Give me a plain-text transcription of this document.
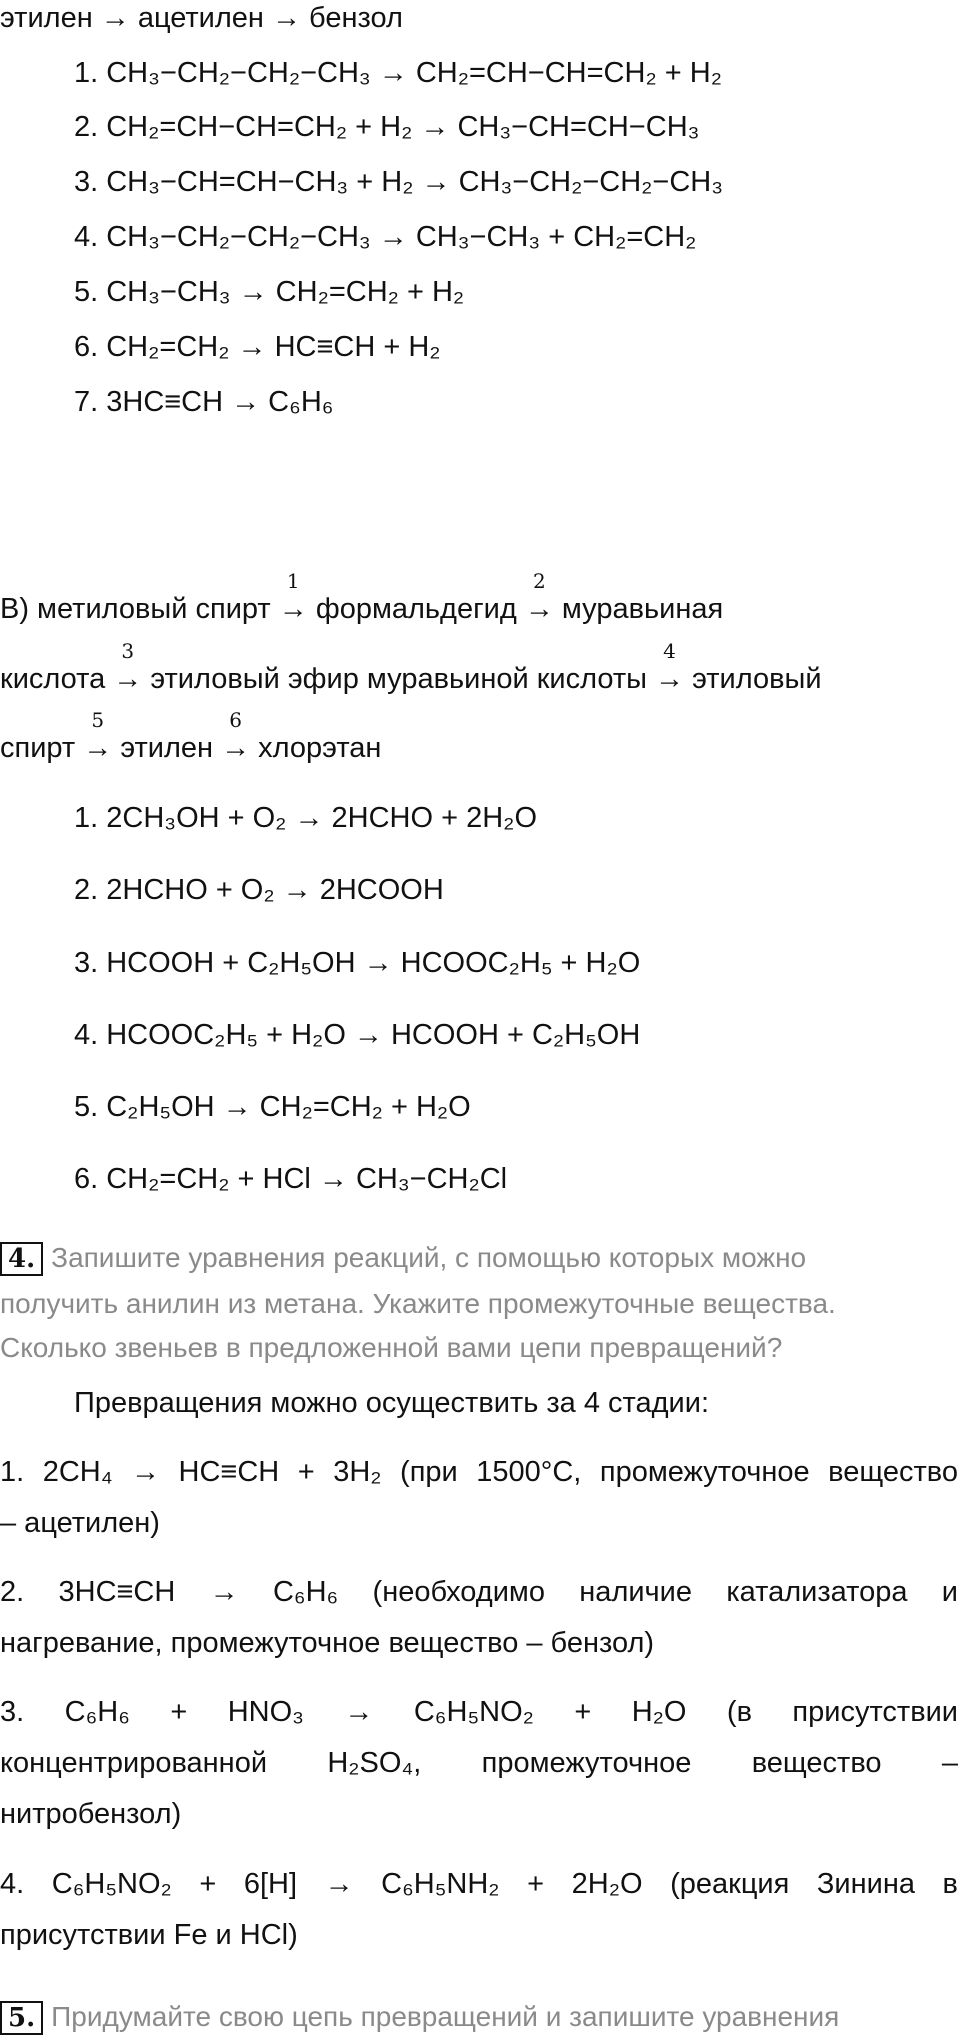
этилен → ацетилен → бензол
1. CH₃−CH₂−CH₂−CH₃ → CH₂=CH−CH=CH₂ + H₂
2. CH₂=CH−CH=CH₂ + H₂ → CH₃−CH=CH−CH₃
3. CH₃−CH=CH−CH₃ + H₂ → CH₃−CH₂−CH₂−CH₃
4. CH₃−CH₂−CH₂−CH₃ → CH₃−CH₃ + CH₂=CH₂
5. CH₃−CH₃ → CH₂=CH₂ + H₂
6. CH₂=CH₂ → HC≡CH + H₂
7. 3HC≡CH → C₆H₆
В) метиловый спирт
1
→ формальдегид
2
→ муравьиная
кислота
3
→ этиловый эфир муравьиной кислоты
4
→ этиловый
спирт
5
→ этилен
6
→ хлорэтан
1. 2CH₃OH + O₂ → 2HCHO + 2H₂O
2. 2HCHO + O₂ → 2HCOOH
3. HCOOH + C₂H₅OH → HCOOC₂H₅ + H₂O
4. HCOOC₂H₅ + H₂O → HCOOH + C₂H₅OH
5. C₂H₅OH → CH₂=CH₂ + H₂O
6. CH₂=CH₂ + HCl → CH₃−CH₂Cl
4. Запишите уравнения реакций, с помощью которых можно
получить анилин из метана. Укажите промежуточные вещества.
Сколько звеньев в предложенной вами цепи превращений?
Превращения можно осуществить за 4 стадии:
1. 2CH₄ → HC≡CH + 3H₂ (при 1500°C, промежуточное вещество
– ацетилен)
2. 3HC≡CH → C₆H₆ (необходимо наличие катализатора и
нагревание, промежуточное вещество – бензол)
3. C₆H₆ + HNO₃ → C₆H₅NO₂ + H₂O (в присутствии
концентрированной H₂SO₄, промежуточное вещество –
нитробензол)
4. C₆H₅NO₂ + 6[H] → C₆H₅NH₂ + 2H₂O (реакция Зинина в
присутствии Fe и HCl)
5. Придумайте свою цепь превращений и запишите уравнения
